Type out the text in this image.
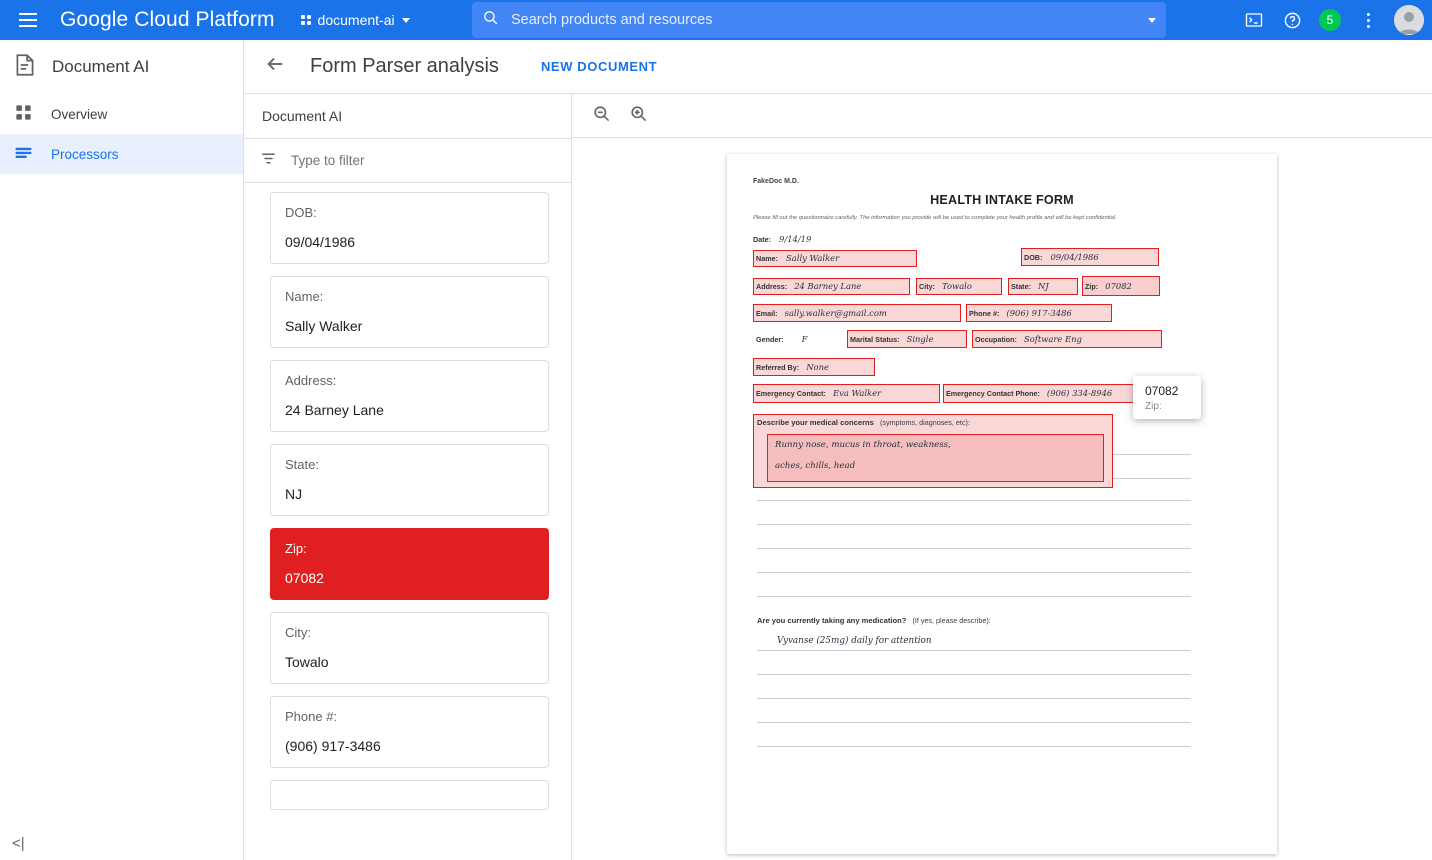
Google Cloud Platform	document-ai
Search products and resources	5
Document AI
Overview
Processors
<|
Form Parser analysis	NEW DOCUMENT
Document AI
Type to filter
DOB:
09/04/1986
Name:
Sally Walker
Address:
24 Barney Lane
State:
NJ
Zip:
07082
City:
Towalo
Phone #:
(906) 917-3486
FakeDoc M.D.
HEALTH INTAKE FORM
Please fill out the questionnaire carefully. The information you provide will be used to complete your health profile and will be kept confidential.
Date: 9/14/19
Name: Sally Walker	DOB: 09/04/1986
Address: 24 Barney Lane	City: Towalo	State: NJ	Zip: 07082
Email: sally.walker@gmail.com	Phone #: (906) 917-3486
Gender: F	Marital Status: Single	Occupation: Software Eng
Referred By: None
Emergency Contact: Eva Walker	Emergency Contact Phone: (906) 334-8946
Describe your medical concerns (symptoms, diagnoses, etc):
Runny nose, mucus in throat, weakness,
aches, chills, head
Are you currently taking any medication? (If yes, please describe):
Vyvanse (25mg) daily for attention
07082
Zip:
